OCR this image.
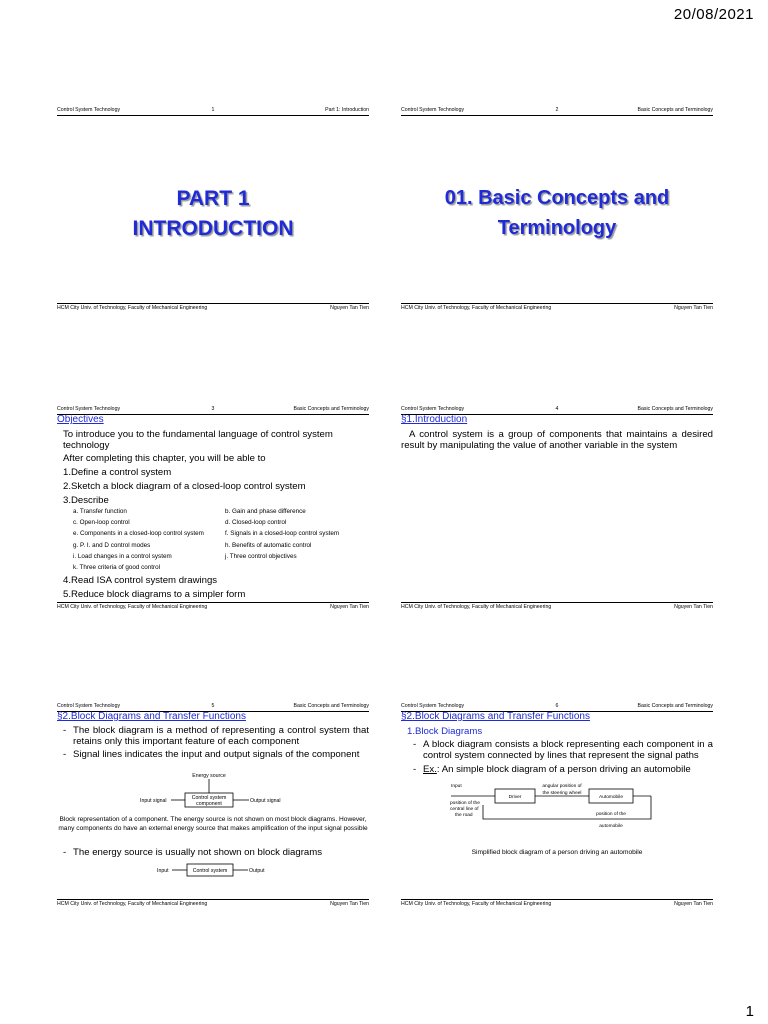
20/08/2021
Control System Technology	1	Part 1: Introduction
PART 1
INTRODUCTION
HCM City Univ. of Technology, Faculty of Mechanical Engineering	Nguyen Tan Tien
Control System Technology	2	Basic Concepts and Terminology
01. Basic Concepts and
Terminology
HCM City Univ. of Technology, Faculty of Mechanical Engineering	Nguyen Tan Tien
Control System Technology	3	Basic Concepts and Terminology
Objectives
To introduce you to the fundamental language of control system technology
After completing this chapter, you will be able to
1.Define a control system
2.Sketch a block diagram of a closed-loop control system
3.Describe
a. Transfer function	b. Gain and phase difference
c. Open-loop control	d. Closed-loop control
e. Components in a closed-loop control system	f. Signals in a closed-loop control system
g. P. I. and D control modes	h. Benefits of automatic control
i. Load changes in a control system	j. Three control objectives
k. Three criteria of good control
4.Read ISA control system drawings
5.Reduce block diagrams to a simpler form
HCM City Univ. of Technology, Faculty of Mechanical Engineering	Nguyen Tan Tien
Control System Technology	4	Basic Concepts and Terminology
§1.Introduction
A control system is a group of components that maintains a desired result by manipulating the value of another variable in the system
HCM City Univ. of Technology, Faculty of Mechanical Engineering	Nguyen Tan Tien
Control System Technology	5	Basic Concepts and Terminology
§2.Block Diagrams and Transfer Functions
- The block diagram is a method of representing a control system that retains only this important feature of each component
- Signal lines indicates the input and output signals of the component
Energy source
Control system
component
Input signal	Output signal
Block representation of a component. The energy source is not shown on most block diagrams. However, many components do have an external energy source that makes amplification of the input signal possible
- The energy source is usually not shown on block diagrams
Input	Control system	Output
HCM City Univ. of Technology, Faculty of Mechanical Engineering	Nguyen Tan Tien
Control System Technology	6	Basic Concepts and Terminology
§2.Block Diagrams and Transfer Functions
1.Block Diagrams
- A block diagram consists a block representing each component in a control system connected by lines that represent the signal paths
- Ex.: An simple block diagram of a person driving an automobile
Input
position of the
central line of
the road
Driver
angular position of
the steering wheel
Automobile
position of the
automobile
Simplified block diagram of a person driving an automobile
HCM City Univ. of Technology, Faculty of Mechanical Engineering	Nguyen Tan Tien
1
